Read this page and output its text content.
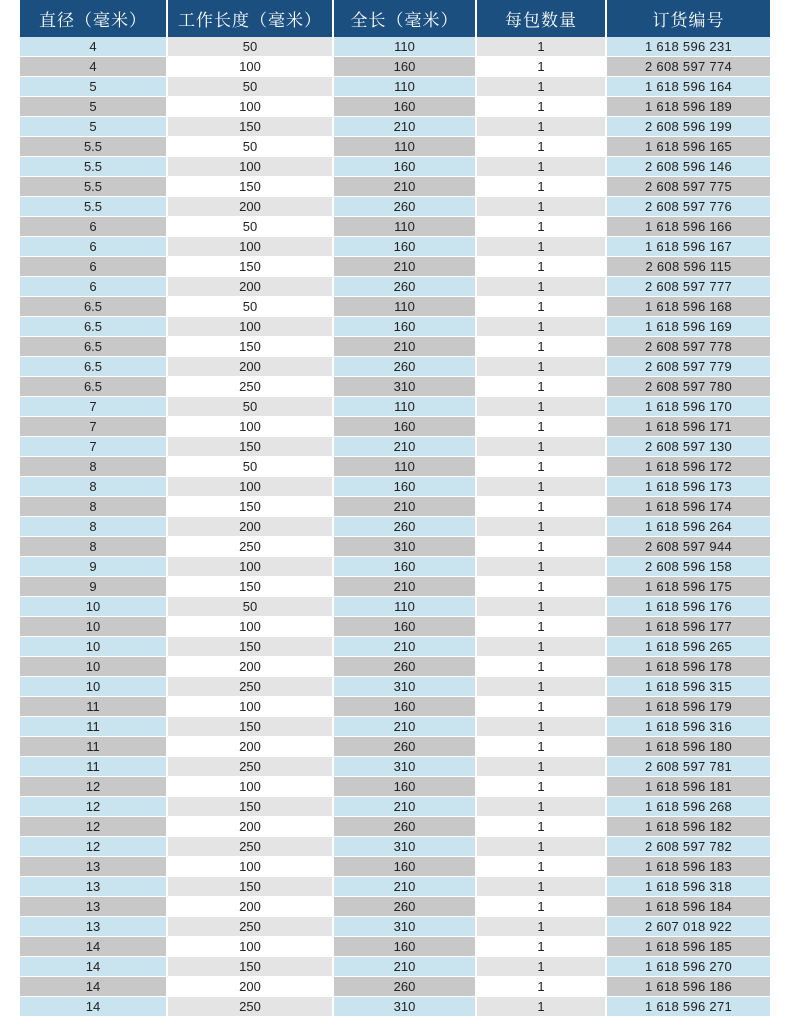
直径（毫米）	工作长度（毫米）	全长（毫米）	每包数量	订货编号
4	50	110	1	1 618 596 231
4	100	160	1	2 608 597 774
5	50	110	1	1 618 596 164
5	100	160	1	1 618 596 189
5	150	210	1	2 608 596 199
5.5	50	110	1	1 618 596 165
5.5	100	160	1	2 608 596 146
5.5	150	210	1	2 608 597 775
5.5	200	260	1	2 608 597 776
6	50	110	1	1 618 596 166
6	100	160	1	1 618 596 167
6	150	210	1	2 608 596 115
6	200	260	1	2 608 597 777
6.5	50	110	1	1 618 596 168
6.5	100	160	1	1 618 596 169
6.5	150	210	1	2 608 597 778
6.5	200	260	1	2 608 597 779
6.5	250	310	1	2 608 597 780
7	50	110	1	1 618 596 170
7	100	160	1	1 618 596 171
7	150	210	1	2 608 597 130
8	50	110	1	1 618 596 172
8	100	160	1	1 618 596 173
8	150	210	1	1 618 596 174
8	200	260	1	1 618 596 264
8	250	310	1	2 608 597 944
9	100	160	1	2 608 596 158
9	150	210	1	1 618 596 175
10	50	110	1	1 618 596 176
10	100	160	1	1 618 596 177
10	150	210	1	1 618 596 265
10	200	260	1	1 618 596 178
10	250	310	1	1 618 596 315
11	100	160	1	1 618 596 179
11	150	210	1	1 618 596 316
11	200	260	1	1 618 596 180
11	250	310	1	2 608 597 781
12	100	160	1	1 618 596 181
12	150	210	1	1 618 596 268
12	200	260	1	1 618 596 182
12	250	310	1	2 608 597 782
13	100	160	1	1 618 596 183
13	150	210	1	1 618 596 318
13	200	260	1	1 618 596 184
13	250	310	1	2 607 018 922
14	100	160	1	1 618 596 185
14	150	210	1	1 618 596 270
14	200	260	1	1 618 596 186
14	250	310	1	1 618 596 271
